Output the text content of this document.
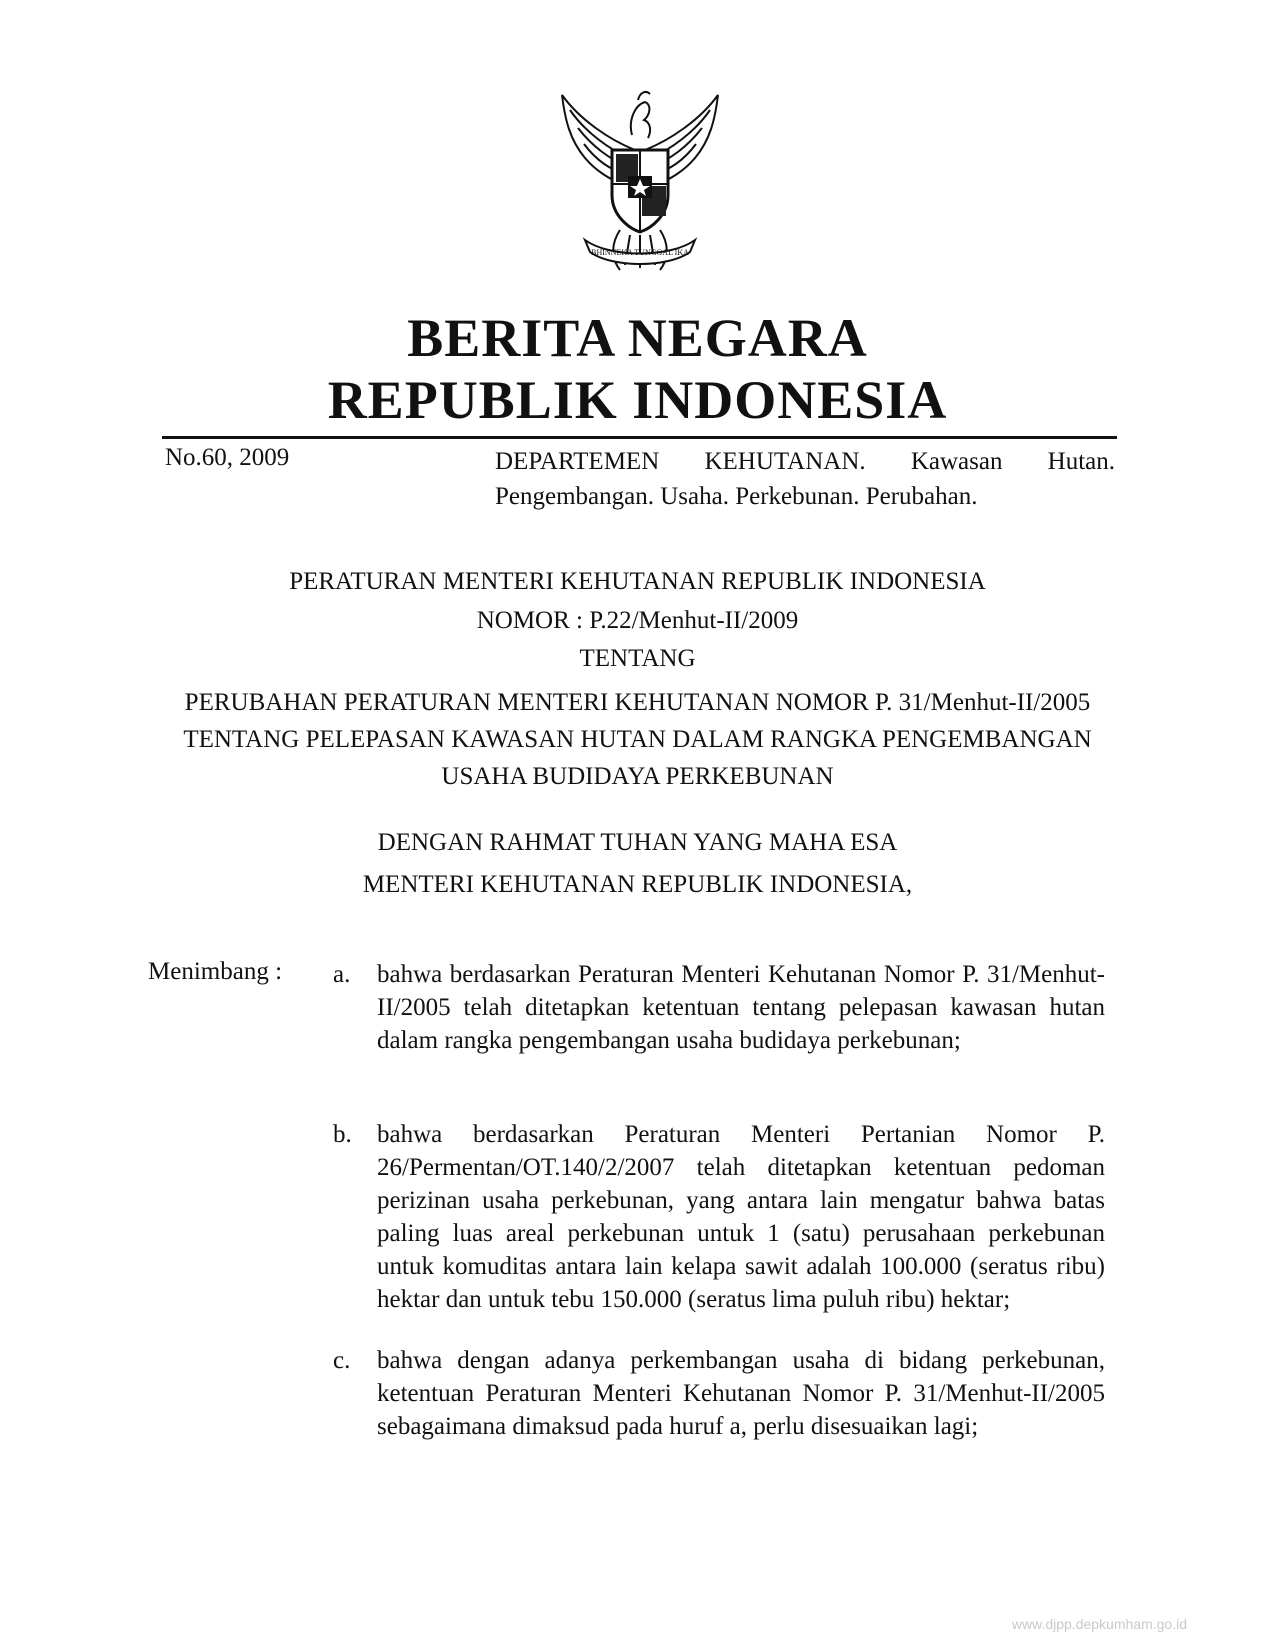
BHINNEKA TUNGGAL IKA
BERITA NEGARA
REPUBLIK INDONESIA
No.60, 2009	DEPARTEMEN KEHUTANAN. Kawasan Hutan. Pengembangan. Usaha. Perkebunan. Perubahan.
PERATURAN MENTERI KEHUTANAN REPUBLIK INDONESIA
NOMOR : P.22/Menhut-II/2009
TENTANG
PERUBAHAN PERATURAN MENTERI KEHUTANAN NOMOR P. 31/Menhut-II/2005 TENTANG PELEPASAN KAWASAN HUTAN DALAM RANGKA PENGEMBANGAN USAHA BUDIDAYA PERKEBUNAN
DENGAN RAHMAT TUHAN YANG MAHA ESA
MENTERI KEHUTANAN REPUBLIK INDONESIA,
Menimbang : a. bahwa berdasarkan Peraturan Menteri Kehutanan Nomor P. 31/Menhut-II/2005 telah ditetapkan ketentuan tentang pelepasan kawasan hutan dalam rangka pengembangan usaha budidaya perkebunan;
b. bahwa berdasarkan Peraturan Menteri Pertanian Nomor P. 26/Permentan/OT.140/2/2007 telah ditetapkan ketentuan pedoman perizinan usaha perkebunan, yang antara lain mengatur bahwa batas paling luas areal perkebunan untuk 1 (satu) perusahaan perkebunan untuk komuditas antara lain kelapa sawit adalah 100.000 (seratus ribu) hektar dan untuk tebu 150.000 (seratus lima puluh ribu) hektar;
c. bahwa dengan adanya perkembangan usaha di bidang perkebunan, ketentuan Peraturan Menteri Kehutanan Nomor P. 31/Menhut-II/2005 sebagaimana dimaksud pada huruf a, perlu disesuaikan lagi;
www.djpp.depkumham.go.id
